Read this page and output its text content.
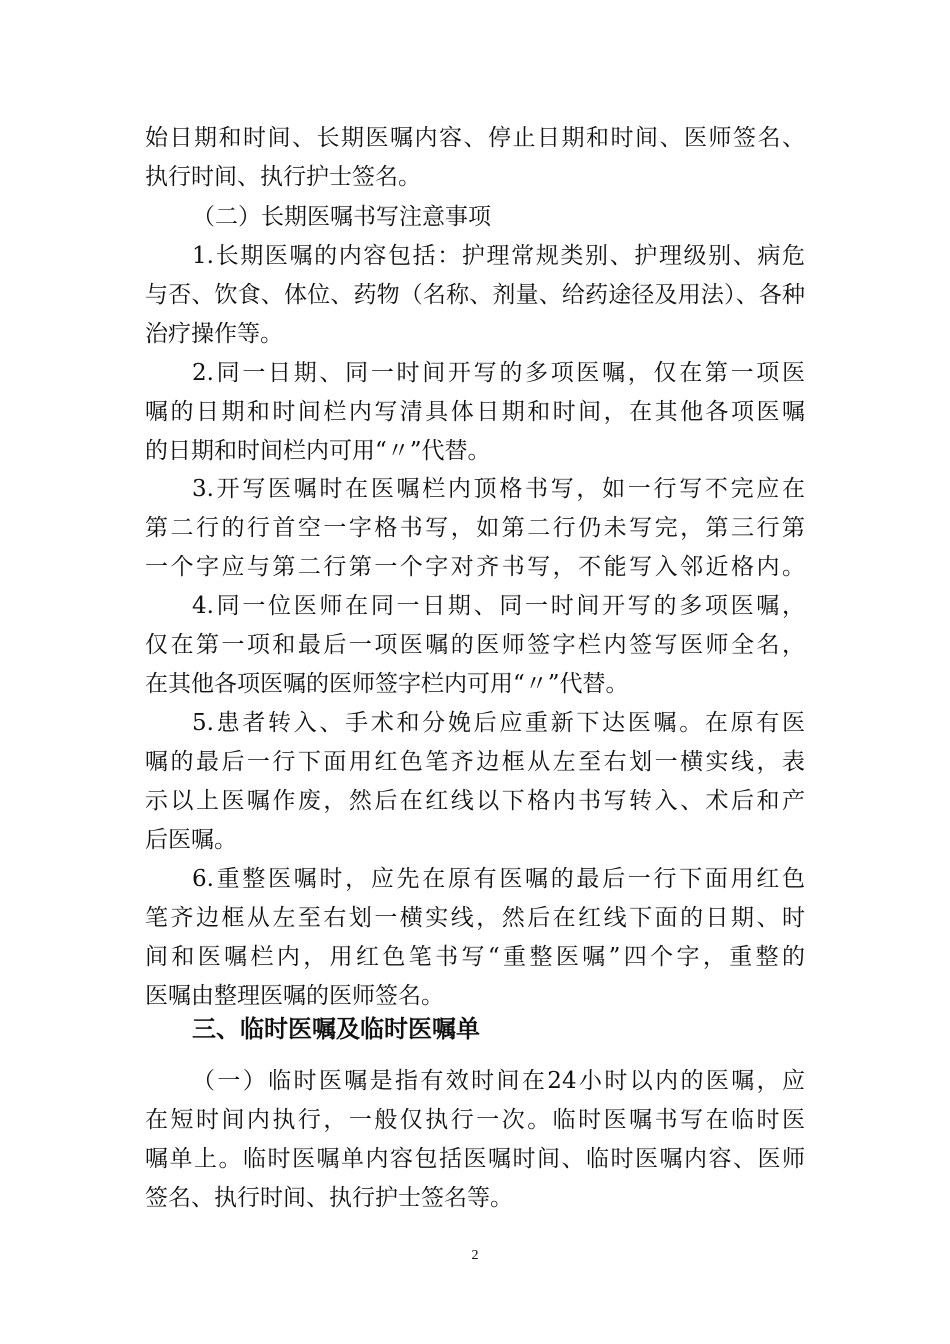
始日期和时间、长期医嘱内容、停止日期和时间、医师签名、
执行时间、执行护士签名。
（二）长期医嘱书写注意事项
1.长期医嘱的内容包括：护理常规类别、护理级别、病危
与否、饮食、体位、药物（名称、剂量、给药途径及用法）、各种
治疗操作等。
2.同一日期、同一时间开写的多项医嘱，仅在第一项医
嘱的日期和时间栏内写清具体日期和时间，在其他各项医嘱
的日期和时间栏内可用“〃”代替。
3.开写医嘱时在医嘱栏内顶格书写，如一行写不完应在
第二行的行首空一字格书写，如第二行仍未写完，第三行第
一个字应与第二行第一个字对齐书写，不能写入邻近格内。
4.同一位医师在同一日期、同一时间开写的多项医嘱，
仅在第一项和最后一项医嘱的医师签字栏内签写医师全名，
在其他各项医嘱的医师签字栏内可用“〃”代替。
5.患者转入、手术和分娩后应重新下达医嘱。在原有医
嘱的最后一行下面用红色笔齐边框从左至右划一横实线，表
示以上医嘱作废，然后在红线以下格内书写转入、术后和产
后医嘱。
6.重整医嘱时，应先在原有医嘱的最后一行下面用红色
笔齐边框从左至右划一横实线，然后在红线下面的日期、时
间和医嘱栏内，用红色笔书写“重整医嘱”四个字，重整的
医嘱由整理医嘱的医师签名。
三、临时医嘱及临时医嘱单
（一）临时医嘱是指有效时间在24小时以内的医嘱，应
在短时间内执行，一般仅执行一次。临时医嘱书写在临时医
嘱单上。临时医嘱单内容包括医嘱时间、临时医嘱内容、医师
签名、执行时间、执行护士签名等。
2
